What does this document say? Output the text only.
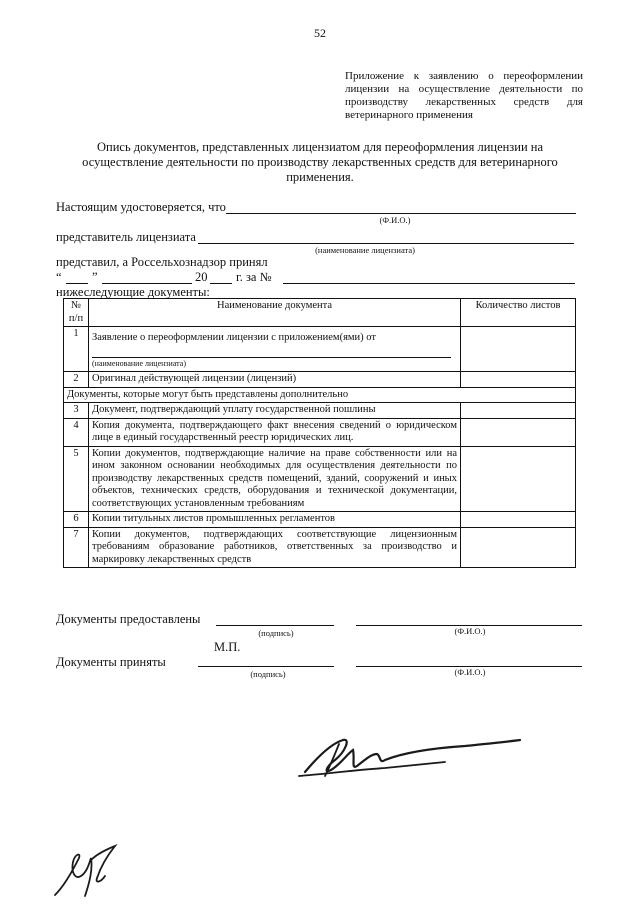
52
Приложение к заявлению о переоформлении лицензии на осуществление деятельности по производству лекарственных средств для ветеринарного применения
Опись документов, представленных лицензиатом для переоформления лицензии на
осуществление деятельности по производству лекарственных средств для ветеринарного
применения.
Настоящим удостоверяется, что
(Ф.И.О.)
представитель лицензиата
(наименование лицензиата)
представил, а Россельхознадзор принял
“ ”	20 г. за №
нижеследующие документы:
№ п/п	Наименование документа	Количество листов
1	Заявление о переоформлении лицензии с приложением(ями) от
(наименование лицензиата)	

2	Оригинал действующей лицензии (лицензий)	
Документы, которые могут быть представлены дополнительно		
3	Документ, подтверждающий уплату государственной пошлины	
4	Копия документа, подтверждающего факт внесения сведений о юридическом лице в единый государственный реестр юридических лиц.	
5	Копии документов, подтверждающие наличие на праве собственности или на ином законном основании необходимых для осуществления деятельности по производству лекарственных средств помещений, зданий, сооружений и иных объектов, технических средств, оборудования и технической документации, соответствующих установленным требованиям	
6	Копии титульных листов промышленных регламентов	
7	Копии документов, подтверждающих соответствующие лицензионным требованиям образование работников, ответственных за производство и маркировку лекарственных средств	
Документы предоставлены
(подпись)	(Ф.И.О.)
М.П.
Документы приняты
(подпись)	(Ф.И.О.)
